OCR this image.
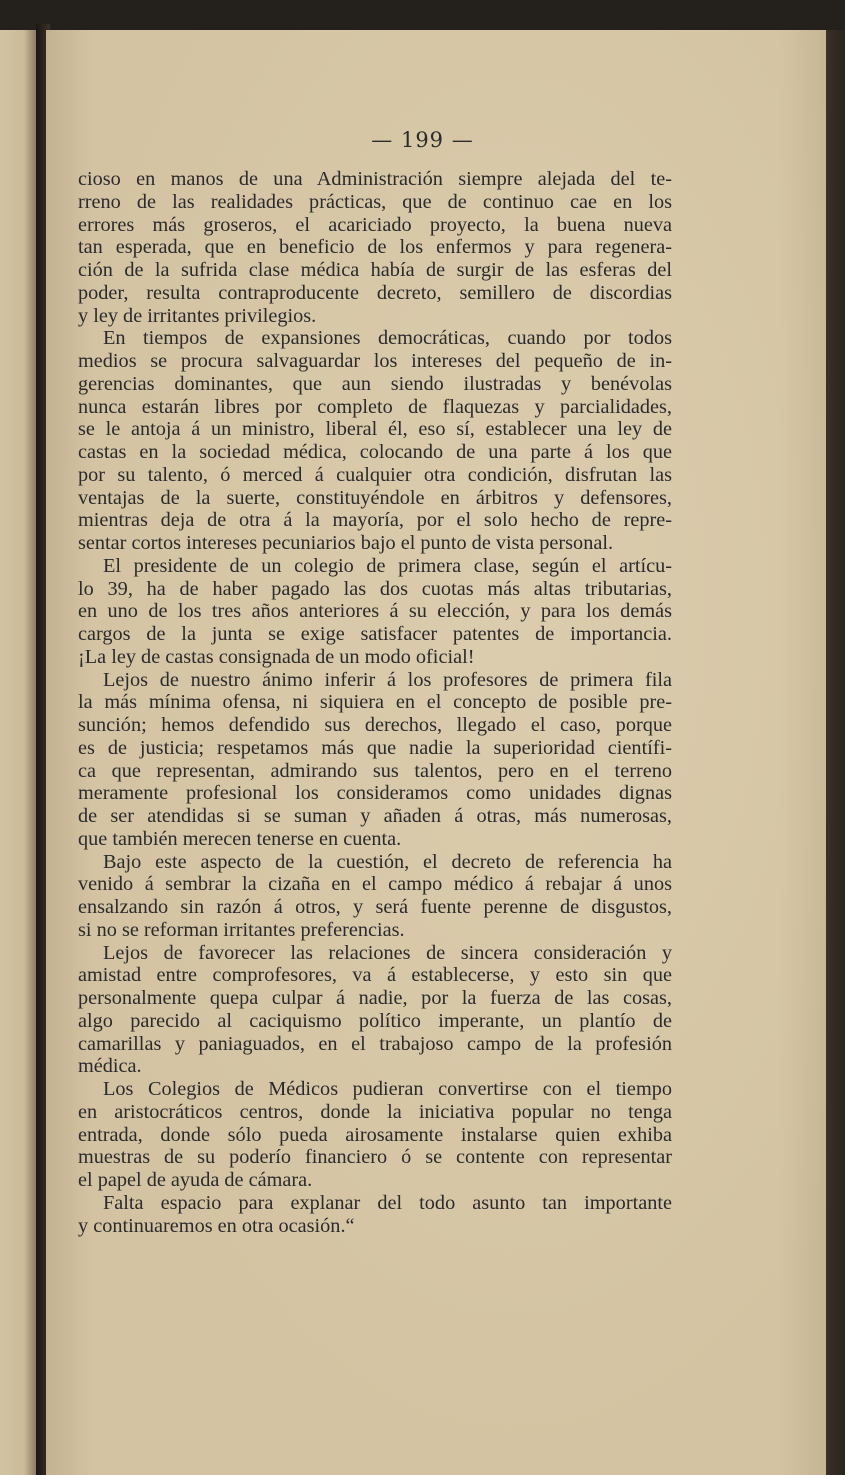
— 199 —
cioso en manos de una Administración siempre alejada del te-
rreno de las realidades prácticas, que de continuo cae en los
errores más groseros, el acariciado proyecto, la buena nueva
tan esperada, que en beneficio de los enfermos y para regenera-
ción de la sufrida clase médica había de surgir de las esferas del
poder, resulta contraproducente decreto, semillero de discordias
y ley de irritantes privilegios.
En tiempos de expansiones democráticas, cuando por todos
medios se procura salvaguardar los intereses del pequeño de in-
gerencias dominantes, que aun siendo ilustradas y benévolas
nunca estarán libres por completo de flaquezas y parcialidades,
se le antoja á un ministro, liberal él, eso sí, establecer una ley de
castas en la sociedad médica, colocando de una parte á los que
por su talento, ó merced á cualquier otra condición, disfrutan las
ventajas de la suerte, constituyéndole en árbitros y defensores,
mientras deja de otra á la mayoría, por el solo hecho de repre-
sentar cortos intereses pecuniarios bajo el punto de vista personal.
El presidente de un colegio de primera clase, según el artícu-
lo 39, ha de haber pagado las dos cuotas más altas tributarias,
en uno de los tres años anteriores á su elección, y para los demás
cargos de la junta se exige satisfacer patentes de importancia.
¡La ley de castas consignada de un modo oficial!
Lejos de nuestro ánimo inferir á los profesores de primera fila
la más mínima ofensa, ni siquiera en el concepto de posible pre-
sunción; hemos defendido sus derechos, llegado el caso, porque
es de justicia; respetamos más que nadie la superioridad científi-
ca que representan, admirando sus talentos, pero en el terreno
meramente profesional los consideramos como unidades dignas
de ser atendidas si se suman y añaden á otras, más numerosas,
que también merecen tenerse en cuenta.
Bajo este aspecto de la cuestión, el decreto de referencia ha
venido á sembrar la cizaña en el campo médico á rebajar á unos
ensalzando sin razón á otros, y será fuente perenne de disgustos,
si no se reforman irritantes preferencias.
Lejos de favorecer las relaciones de sincera consideración y
amistad entre comprofesores, va á establecerse, y esto sin que
personalmente quepa culpar á nadie, por la fuerza de las cosas,
algo parecido al caciquismo político imperante, un plantío de
camarillas y paniaguados, en el trabajoso campo de la profesión
médica.
Los Colegios de Médicos pudieran convertirse con el tiempo
en aristocráticos centros, donde la iniciativa popular no tenga
entrada, donde sólo pueda airosamente instalarse quien exhiba
muestras de su poderío financiero ó se contente con representar
el papel de ayuda de cámara.
Falta espacio para explanar del todo asunto tan importante
y continuaremos en otra ocasión.“
